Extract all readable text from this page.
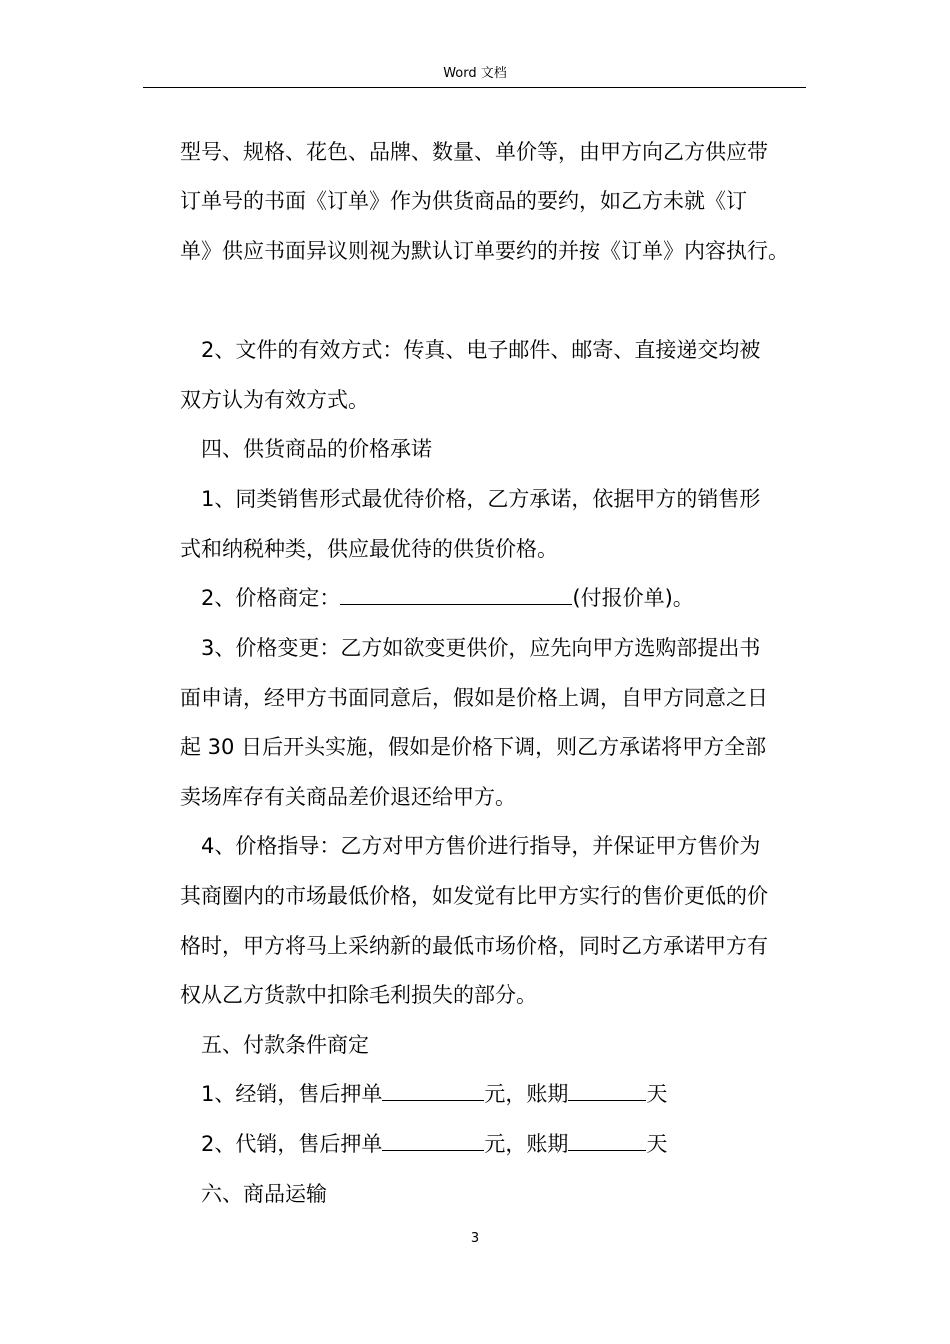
Word 文档
型号、规格、花色、品牌、数量、单价等，由甲方向乙方供应带
订单号的书面《订单》作为供货商品的要约，如乙方未就《订
单》供应书面异议则视为默认订单要约的并按《订单》内容执行。
2、文件的有效方式：传真、电子邮件、邮寄、直接递交均被
双方认为有效方式。
四、供货商品的价格承诺
1、同类销售形式最优待价格，乙方承诺，依据甲方的销售形
式和纳税种类，供应最优待的供货价格。
2、价格商定：	(付报价单)。
3、价格变更：乙方如欲变更供价，应先向甲方选购部提出书
面申请，经甲方书面同意后，假如是价格上调，自甲方同意之日
起 30 日后开头实施，假如是价格下调，则乙方承诺将甲方全部
卖场库存有关商品差价退还给甲方。
4、价格指导：乙方对甲方售价进行指导，并保证甲方售价为
其商圈内的市场最低价格，如发觉有比甲方实行的售价更低的价
格时，甲方将马上采纳新的最低市场价格，同时乙方承诺甲方有
权从乙方货款中扣除毛利损失的部分。
五、付款条件商定
1、经销，售后押单	元，账期	天
2、代销，售后押单	元，账期	天
六、商品运输
3
